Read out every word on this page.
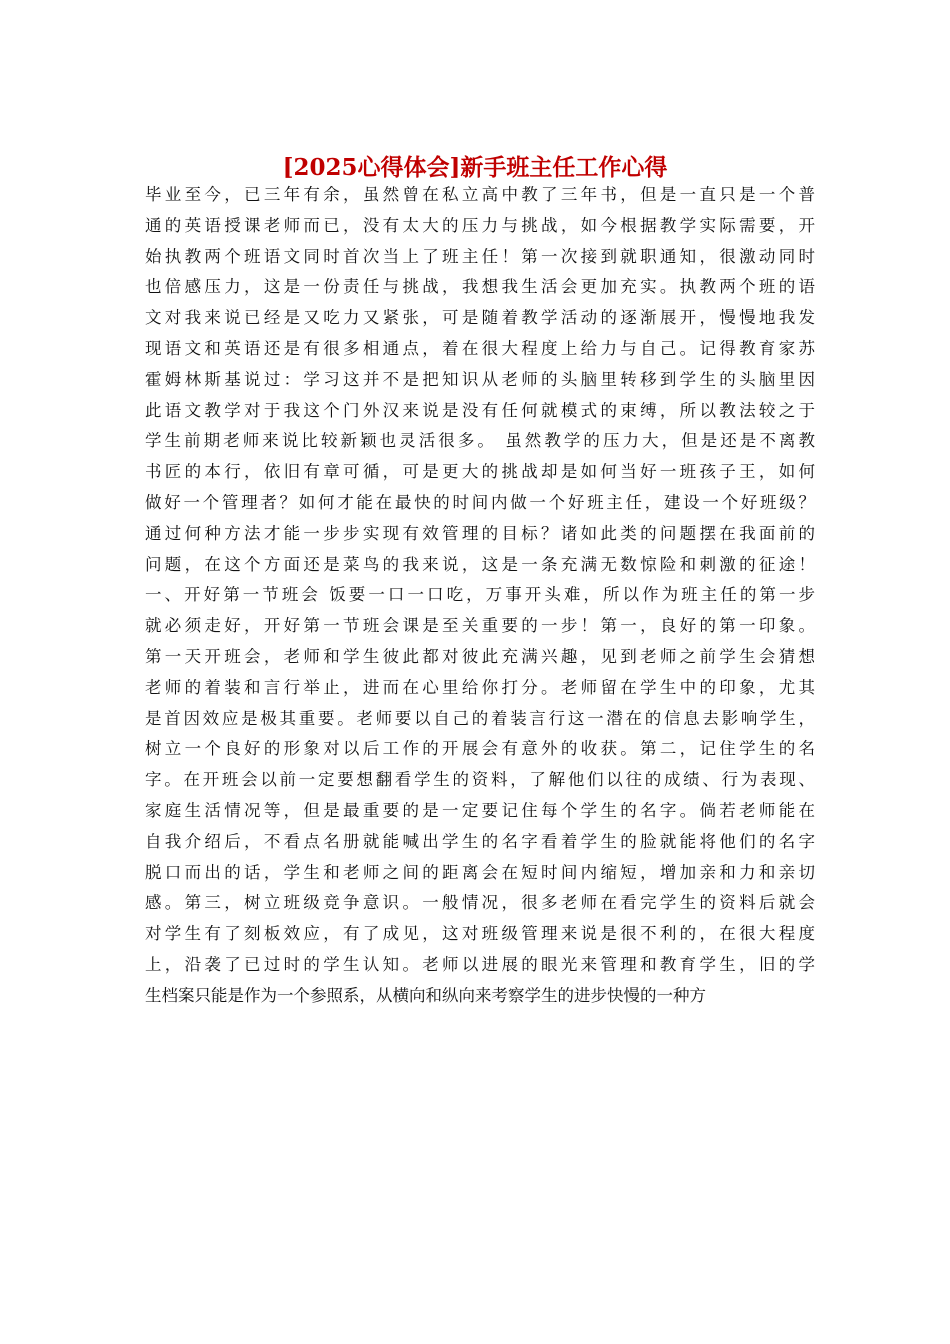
[2025心得体会]新手班主任工作心得
毕业至今，已三年有余，虽然曾在私立高中教了三年书，但是一直只是一个普
通的英语授课老师而已，没有太大的压力与挑战，如今根据教学实际需要，开
始执教两个班语文同时首次当上了班主任！第一次接到就职通知，很激动同时
也倍感压力，这是一份责任与挑战，我想我生活会更加充实。执教两个班的语
文对我来说已经是又吃力又紧张，可是随着教学活动的逐渐展开，慢慢地我发
现语文和英语还是有很多相通点，着在很大程度上给力与自己。记得教育家苏
霍姆林斯基说过：学习这并不是把知识从老师的头脑里转移到学生的头脑里因
此语文教学对于我这个门外汉来说是没有任何就模式的束缚，所以教法较之于
学生前期老师来说比较新颖也灵活很多。 虽然教学的压力大，但是还是不离教
书匠的本行，依旧有章可循，可是更大的挑战却是如何当好一班孩子王，如何
做好一个管理者？如何才能在最快的时间内做一个好班主任，建设一个好班级？
通过何种方法才能一步步实现有效管理的目标？诸如此类的问题摆在我面前的
问题，在这个方面还是菜鸟的我来说，这是一条充满无数惊险和刺激的征途！
一、开好第一节班会 饭要一口一口吃，万事开头难，所以作为班主任的第一步
就必须走好，开好第一节班会课是至关重要的一步！第一，良好的第一印象。
第一天开班会，老师和学生彼此都对彼此充满兴趣，见到老师之前学生会猜想
老师的着装和言行举止，进而在心里给你打分。老师留在学生中的印象，尤其
是首因效应是极其重要。老师要以自己的着装言行这一潜在的信息去影响学生，
树立一个良好的形象对以后工作的开展会有意外的收获。第二，记住学生的名
字。在开班会以前一定要想翻看学生的资料，了解他们以往的成绩、行为表现、
家庭生活情况等，但是最重要的是一定要记住每个学生的名字。倘若老师能在
自我介绍后，不看点名册就能喊出学生的名字看着学生的脸就能将他们的名字
脱口而出的话，学生和老师之间的距离会在短时间内缩短，增加亲和力和亲切
感。第三，树立班级竞争意识。一般情况，很多老师在看完学生的资料后就会
对学生有了刻板效应，有了成见，这对班级管理来说是很不利的，在很大程度
上，沿袭了已过时的学生认知。老师以进展的眼光来管理和教育学生，旧的学
生档案只能是作为一个参照系，从横向和纵向来考察学生的进步快慢的一种方
